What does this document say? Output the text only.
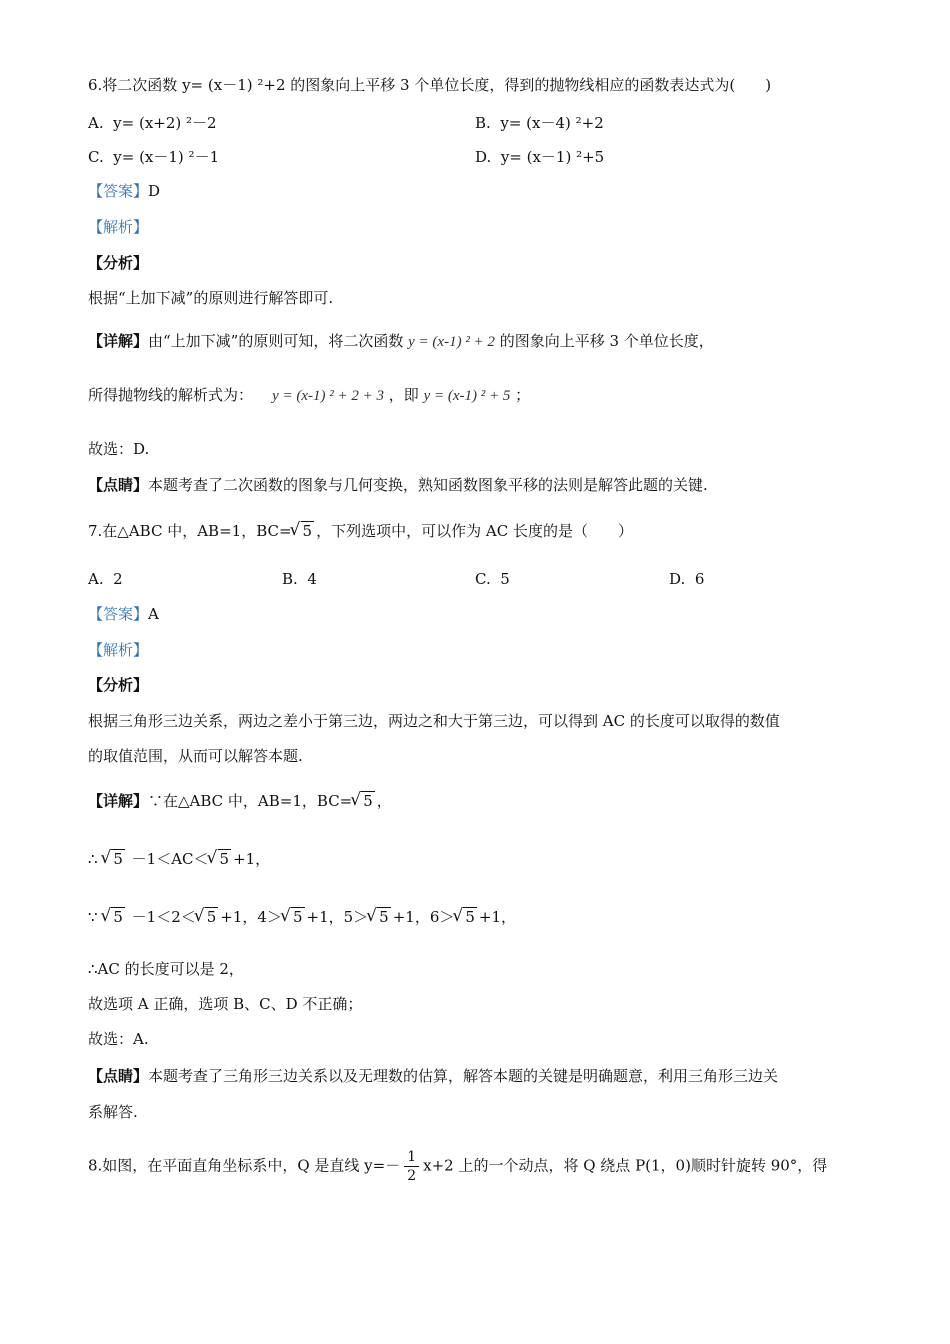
6.将二次函数 y= (x－1) ²+2 的图象向上平移 3 个单位长度，得到的抛物线相应的函数表达式为(　　)
A. y= (x+2) ²－2	B. y= (x－4) ²+2
C. y= (x－1) ²－1	D. y= (x－1) ²+5
【答案】D
【解析】
【分析】
根据“上加下减”的原则进行解答即可.
【详解】由“上加下减”的原则可知，将二次函数 y = (x-1) ² + 2 的图象向上平移 3 个单位长度，
所得抛物线的解析式为： y = (x-1) ² + 2 + 3 ，即 y = (x-1) ² + 5 ；
故选：D.
【点睛】本题考查了二次函数的图象与几何变换，熟知函数图象平移的法则是解答此题的关键.
7.在△ABC 中，AB=1，BC= √ 5 ，下列选项中，可以作为 AC 长度的是（　　）
A. 2	B. 4	C. 5	D. 6
【答案】A
【解析】
【分析】
根据三角形三边关系，两边之差小于第三边，两边之和大于第三边，可以得到 AC 的长度可以取得的数值
的取值范围，从而可以解答本题.
【详解】∵在△ABC 中，AB=1，BC= √ 5 ，
∴ √ 5 －1＜AC＜ √ 5 +1，
∵ √ 5 －1＜2＜ √ 5 +1，4＞ √ 5 +1，5＞ √ 5 +1，6＞ √ 5 +1，
∴AC 的长度可以是 2，
故选项 A 正确，选项 B、C、D 不正确；
故选：A.
【点睛】本题考查了三角形三边关系以及无理数的估算，解答本题的关键是明确题意，利用三角形三边关
系解答.
8.如图，在平面直角坐标系中，Q 是直线 $y=- \frac{1}{2} x+2$ 上的一个动点，将 Q 绕点 P(1，0)顺时针旋转 90°，得
